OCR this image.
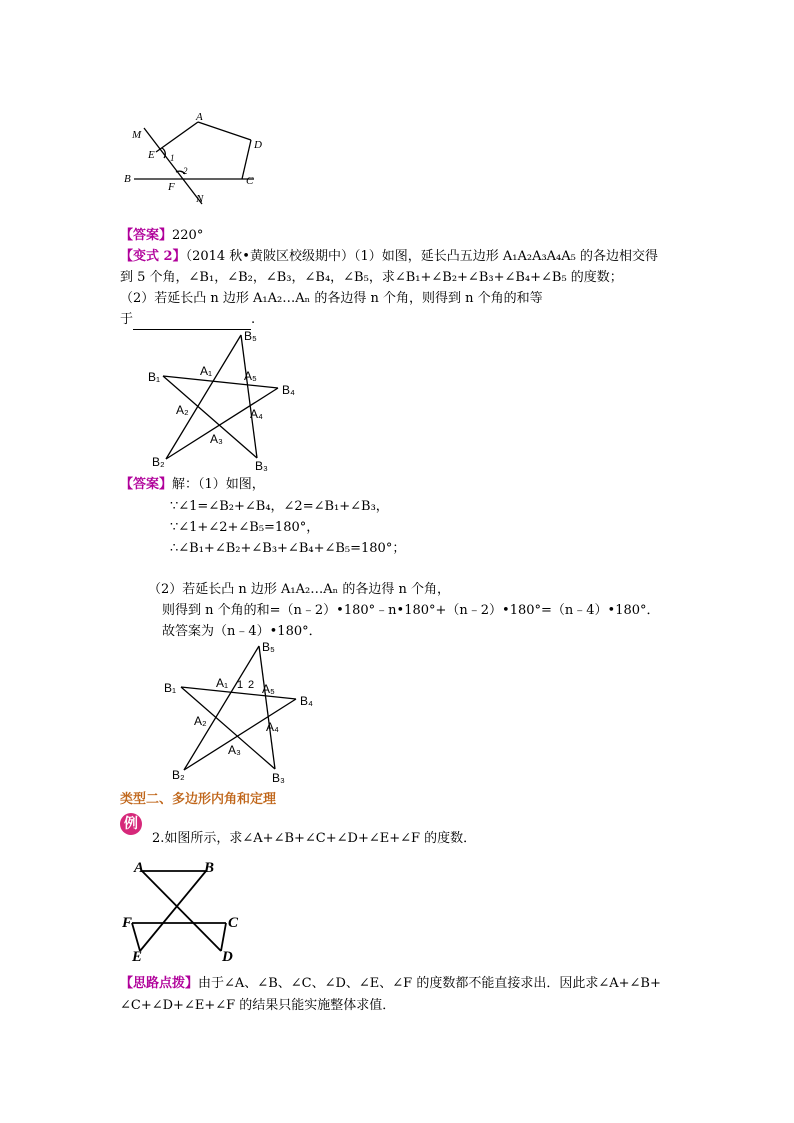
M
A
E 1
D
2
B
F	C
N
【答案】220°
【变式 2】（2014 秋•黄陂区校级期中）（1）如图，延长凸五边形 A₁A₂A₃A₄A₅ 的各边相交得
到 5 个角，∠B₁，∠B₂，∠B₃，∠B₄，∠B₅，求∠B₁+∠B₂+∠B₃+∠B₄+∠B₅ 的度数；
（2）若延长凸 n 边形 A₁A₂…Aₙ 的各边得 n 个角，则得到 n 个角的和等
于	.
B₁
B₂	B₃
B₄
B₅
A₁
A₂
A₃
A₄
A₅
【答案】解：（1）如图，
∵∠1=∠B₂+∠B₄，∠2=∠B₁+∠B₃，
∵∠1+∠2+∠B₅=180°，
∴∠B₁+∠B₂+∠B₃+∠B₄+∠B₅=180°；
（2）若延长凸 n 边形 A₁A₂…Aₙ 的各边得 n 个角，
则得到 n 个角的和=（n﹣2）•180°﹣n•180°+（n﹣2）•180°=（n﹣4）•180°．
故答案为（n﹣4）•180°．
B₁
B₂	B₃
B₄
B₅
A₁ 1 2
A₂
A₃
A₄
A₅
类型二、多边形内角和定理
例
2.如图所示，求∠A+∠B+∠C+∠D+∠E+∠F 的度数．
A	B
F	C
E	D
【思路点拨】由于∠A、∠B、∠C、∠D、∠E、∠F 的度数都不能直接求出．因此求∠A+∠B+
∠C+∠D+∠E+∠F 的结果只能实施整体求值．
